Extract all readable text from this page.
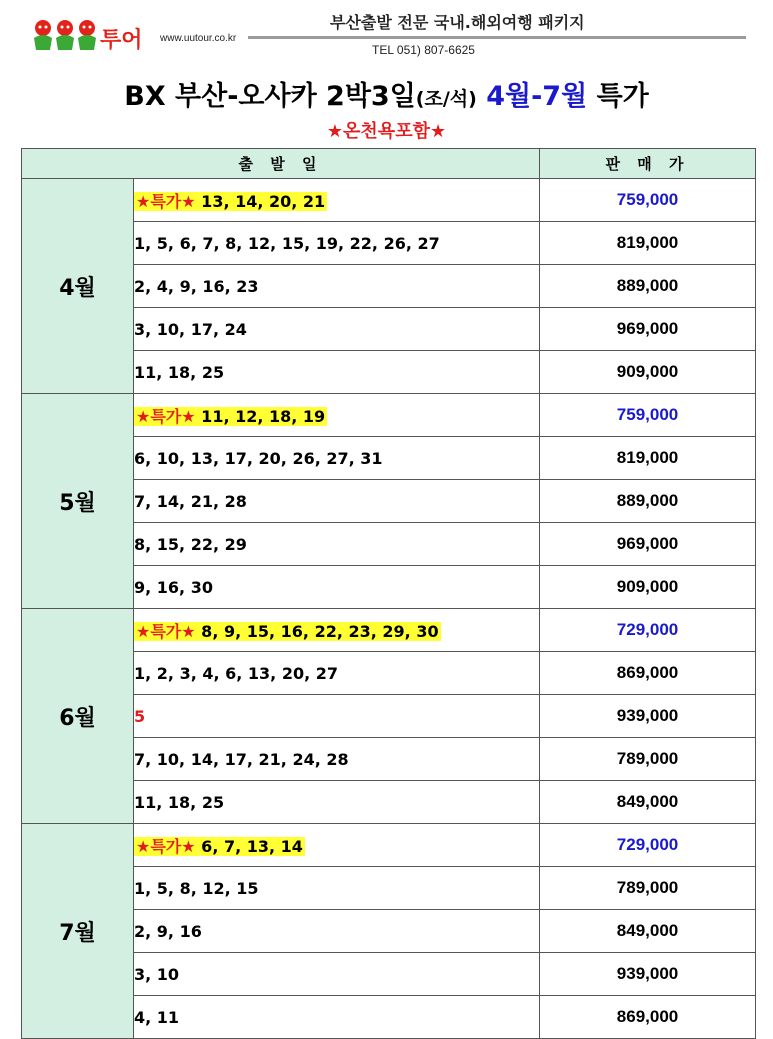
투어 www.uutour.co.kr
부산출발 전문 국내.해외여행 패키지
TEL 051) 807-6625
BX 부산-오사카 2박3일(조/석) 4월-7월 특가
★온천욕포함★
출 발 일		판 매 가
4월	★특가★ 13, 14, 20, 21	759,000
	1, 5, 6, 7, 8, 12, 15, 19, 22, 26, 27	819,000
	2, 4, 9, 16, 23	889,000
	3, 10, 17, 24	969,000
	11, 18, 25	909,000
5월	★특가★ 11, 12, 18, 19	759,000
	6, 10, 13, 17, 20, 26, 27, 31	819,000
	7, 14, 21, 28	889,000
	8, 15, 22, 29	969,000
	9, 16, 30	909,000
6월	★특가★ 8, 9, 15, 16, 22, 23, 29, 30	729,000
	1, 2, 3, 4, 6, 13, 20, 27	869,000
	5	939,000
	7, 10, 14, 17, 21, 24, 28	789,000
	11, 18, 25	849,000
7월	★특가★ 6, 7, 13, 14	729,000
	1, 5, 8, 12, 15	789,000
	2, 9, 16	849,000
	3, 10	939,000
	4, 11	869,000
